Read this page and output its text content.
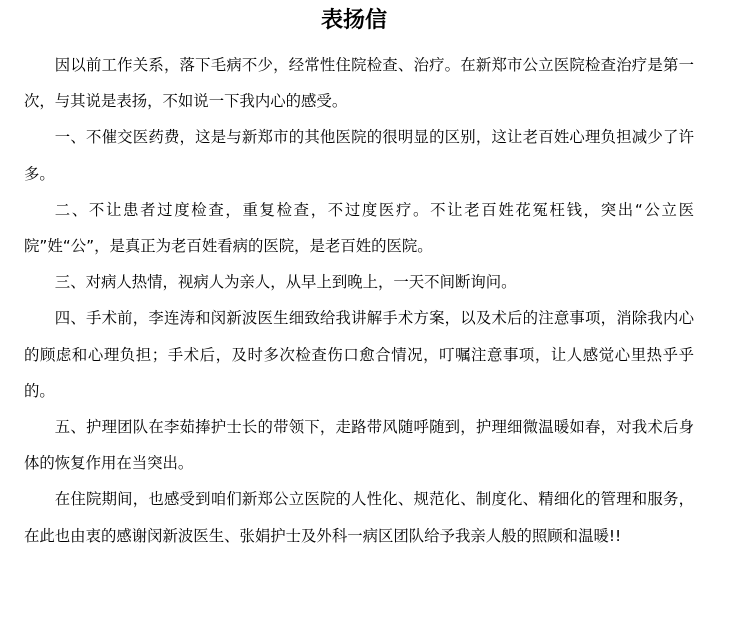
表扬信

因以前工作关系，落下毛病不少，经常性住院检查、治疗。在新郑市公立医院检查治疗是第一次，与其说是表扬，不如说一下我内心的感受。

一、不催交医药费，这是与新郑市的其他医院的很明显的区别，这让老百姓心理负担减少了许多。

二、不让患者过度检查，重复检查，不过度医疗。不让老百姓花冤枉钱，突出“公立医院”姓“公”，是真正为老百姓看病的医院，是老百姓的医院。

三、对病人热情，视病人为亲人，从早上到晚上，一天不间断询问。

四、手术前，李连涛和闵新波医生细致给我讲解手术方案，以及术后的注意事项，消除我内心的顾虑和心理负担；手术后，及时多次检查伤口愈合情况，叮嘱注意事项，让人感觉心里热乎乎的。

五、护理团队在李茹捧护士长的带领下，走路带风随呼随到，护理细微温暖如春，对我术后身体的恢复作用在当突出。

在住院期间，也感受到咱们新郑公立医院的人性化、规范化、制度化、精细化的管理和服务，在此也由衷的感谢闵新波医生、张娟护士及外科一病区团队给予我亲人般的照顾和温暖!!
